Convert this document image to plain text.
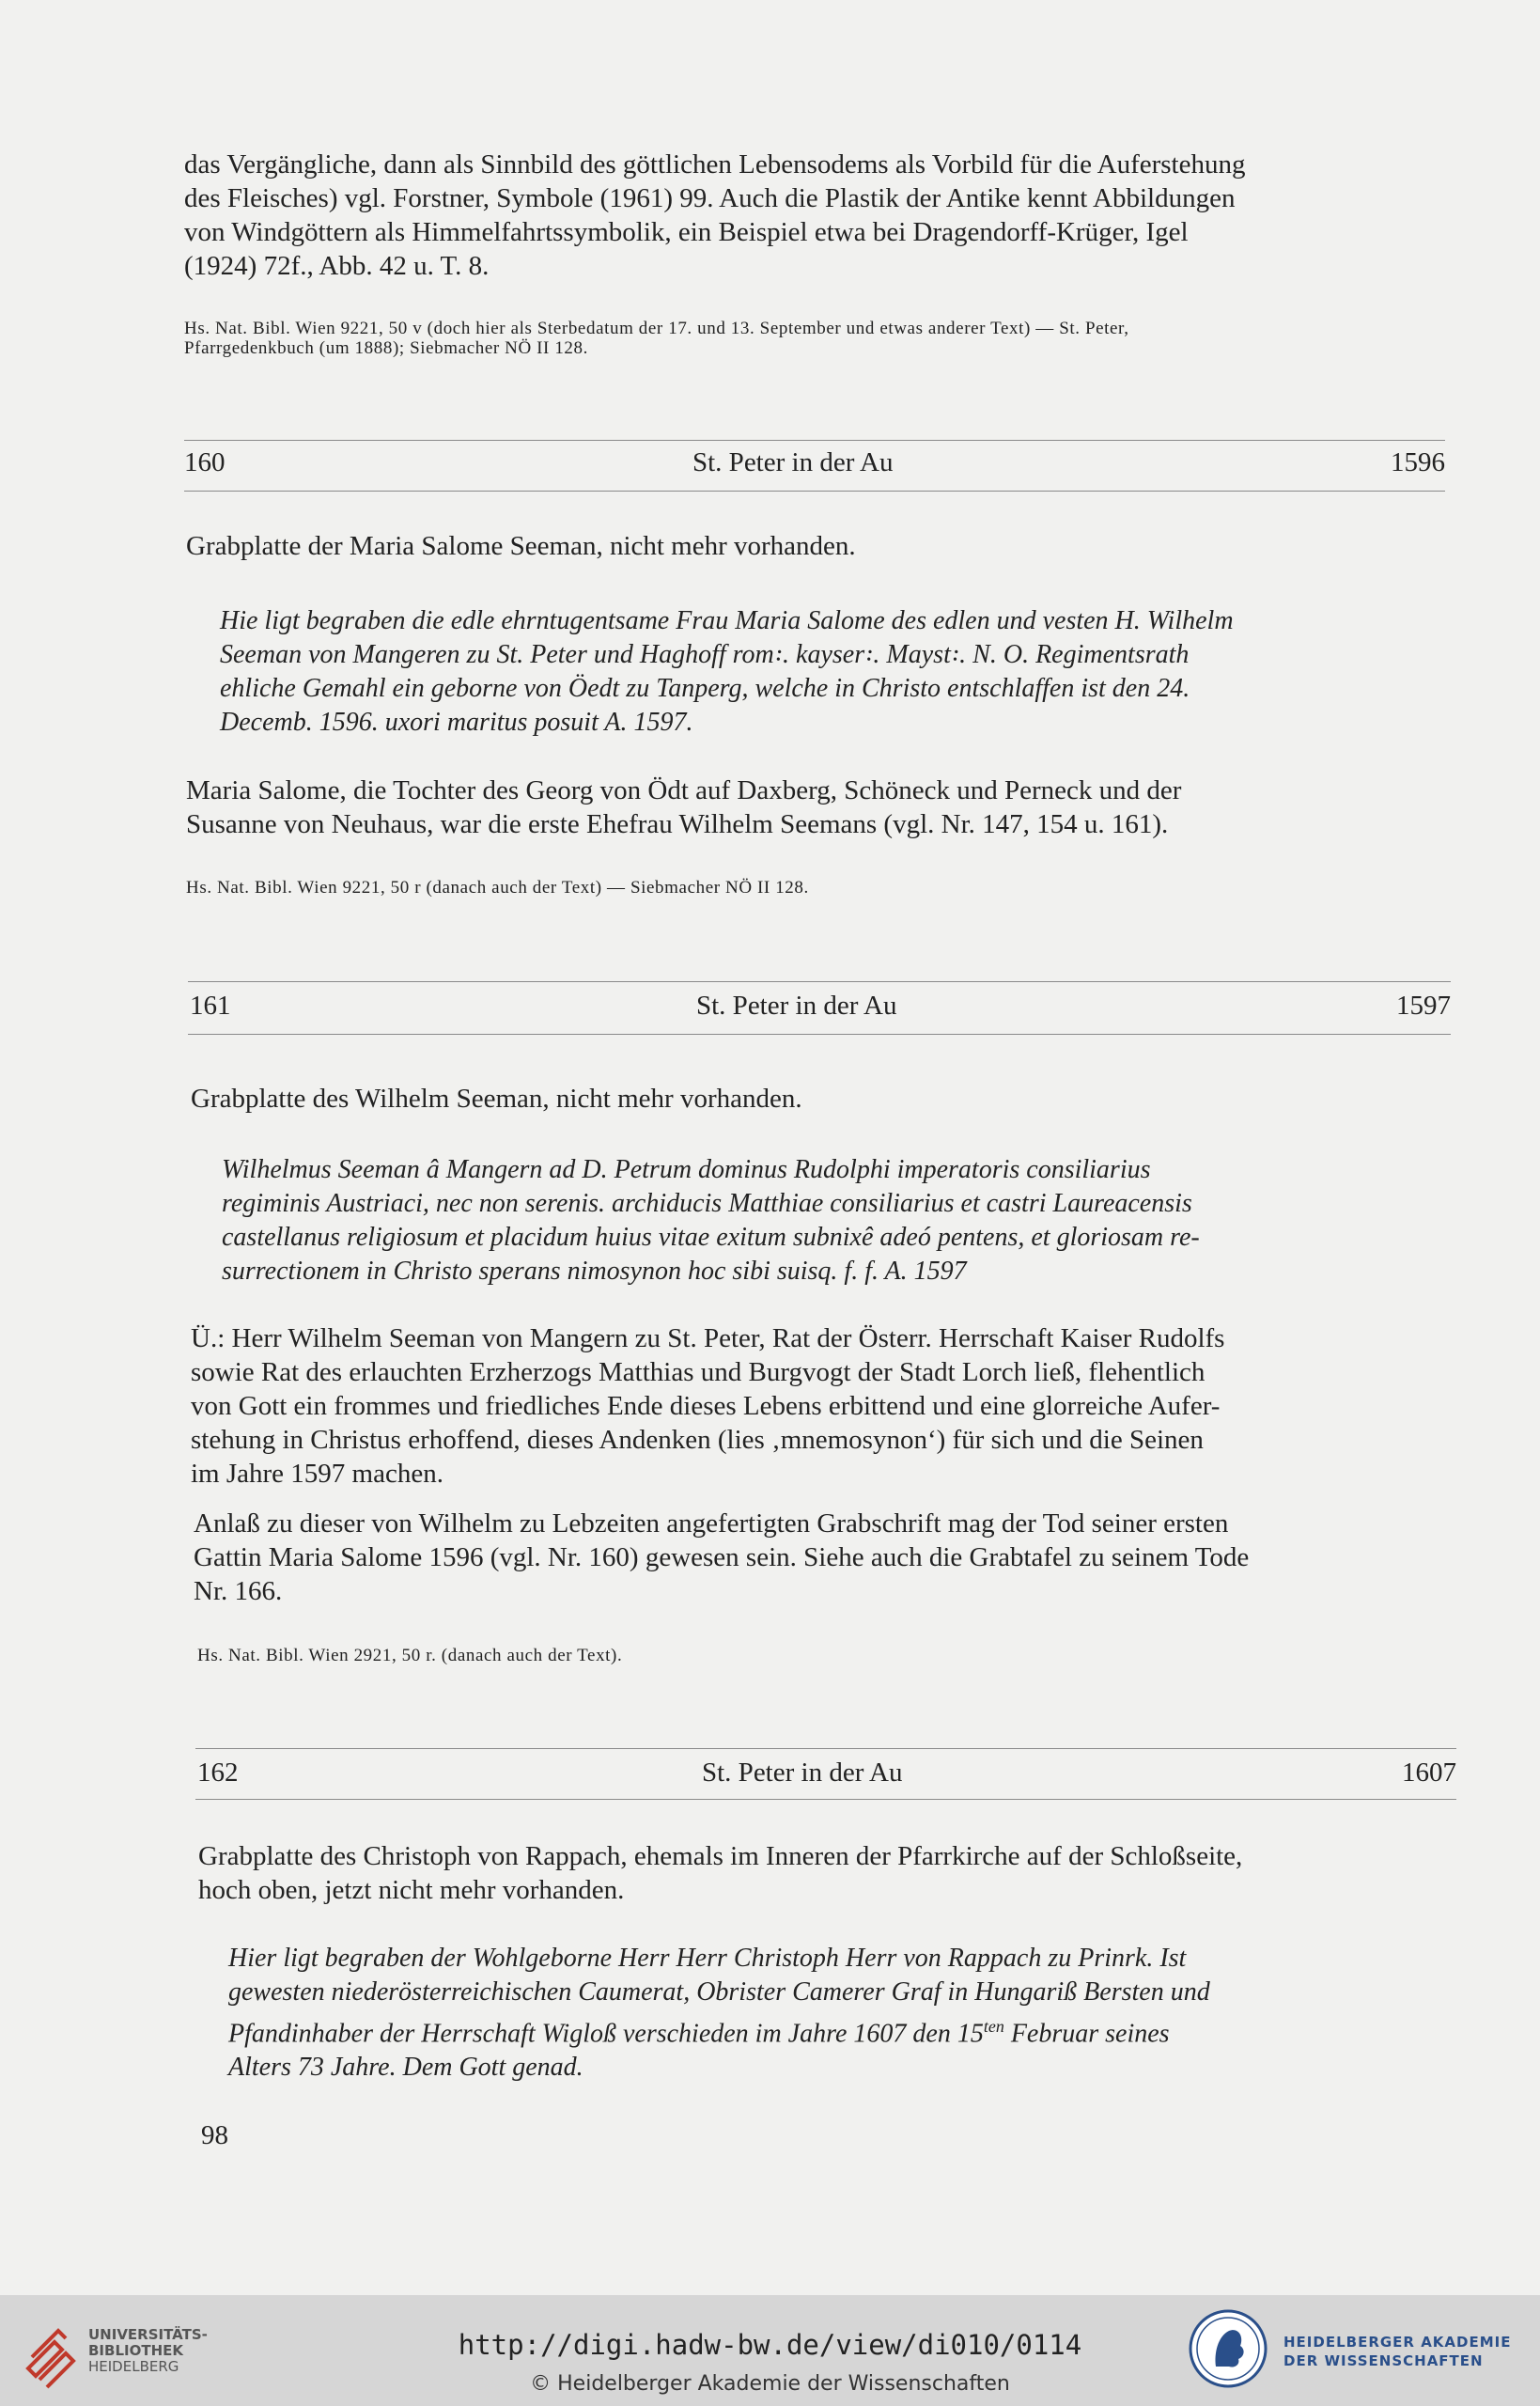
das Vergängliche, dann als Sinnbild des göttlichen Lebensodems als Vorbild für die Auferstehung
des Fleisches) vgl. Forstner, Symbole (1961) 99. Auch die Plastik der Antike kennt Abbildungen
von Windgöttern als Himmelfahrtssymbolik, ein Beispiel etwa bei Dragendorff-Krüger, Igel
(1924) 72f., Abb. 42 u. T. 8.
Hs. Nat. Bibl. Wien 9221, 50 v (doch hier als Sterbedatum der 17. und 13. September und etwas anderer Text) — St. Peter,
Pfarrgedenkbuch (um 1888); Siebmacher NÖ II 128.
160	St. Peter in der Au	1596
Grabplatte der Maria Salome Seeman, nicht mehr vorhanden.
Hie ligt begraben die edle ehrntugentsame Frau Maria Salome des edlen und vesten H. Wilhelm
Seeman von Mangeren zu St. Peter und Haghoff rom꞉. kayser꞉. Mayst꞉. N. O. Regimentsrath
ehliche Gemahl ein geborne von Öedt zu Tanperg, welche in Christo entschlaffen ist den 24.
Decemb. 1596. uxori maritus posuit A. 1597.
Maria Salome, die Tochter des Georg von Ödt auf Daxberg, Schöneck und Perneck und der
Susanne von Neuhaus, war die erste Ehefrau Wilhelm Seemans (vgl. Nr. 147, 154 u. 161).
Hs. Nat. Bibl. Wien 9221, 50 r (danach auch der Text) — Siebmacher NÖ II 128.
161	St. Peter in der Au	1597
Grabplatte des Wilhelm Seeman, nicht mehr vorhanden.
Wilhelmus Seeman â Mangern ad D. Petrum dominus Rudolphi imperatoris consiliarius
regiminis Austriaci, nec non serenis. archiducis Matthiae consiliarius et castri Laureacensis
castellanus religiosum et placidum huius vitae exitum subnixê adeó pentens, et gloriosam re-
surrectionem in Christo sperans nimosynon hoc sibi suisq. f. f. A. 1597
Ü.: Herr Wilhelm Seeman von Mangern zu St. Peter, Rat der Österr. Herrschaft Kaiser Rudolfs
sowie Rat des erlauchten Erzherzogs Matthias und Burgvogt der Stadt Lorch ließ, flehentlich
von Gott ein frommes und friedliches Ende dieses Lebens erbittend und eine glorreiche Aufer-
stehung in Christus erhoffend, dieses Andenken (lies ‚mnemosynon‘) für sich und die Seinen
im Jahre 1597 machen.
Anlaß zu dieser von Wilhelm zu Lebzeiten angefertigten Grabschrift mag der Tod seiner ersten
Gattin Maria Salome 1596 (vgl. Nr. 160) gewesen sein. Siehe auch die Grabtafel zu seinem Tode
Nr. 166.
Hs. Nat. Bibl. Wien 2921, 50 r. (danach auch der Text).
162	St. Peter in der Au	1607
Grabplatte des Christoph von Rappach, ehemals im Inneren der Pfarrkirche auf der Schloßseite,
hoch oben, jetzt nicht mehr vorhanden.
Hier ligt begraben der Wohlgeborne Herr Herr Christoph Herr von Rappach zu Prinrk. Ist
gewesten niederösterreichischen Caumerat, Obrister Camerer Graf in Hungariß Bersten und
Pfandinhaber der Herrschaft Wigloß verschieden im Jahre 1607 den $15^{ten}$ Februar seines
Alters 73 Jahre. Dem Gott genad.
98
UNIVERSITÄTS-
BIBLIOTHEK
HEIDELBERG
http://digi.hadw-bw.de/view/di010/0114
© Heidelberger Akademie der Wissenschaften
HEIDELBERGER AKADEMIE
DER WISSENSCHAFTEN
